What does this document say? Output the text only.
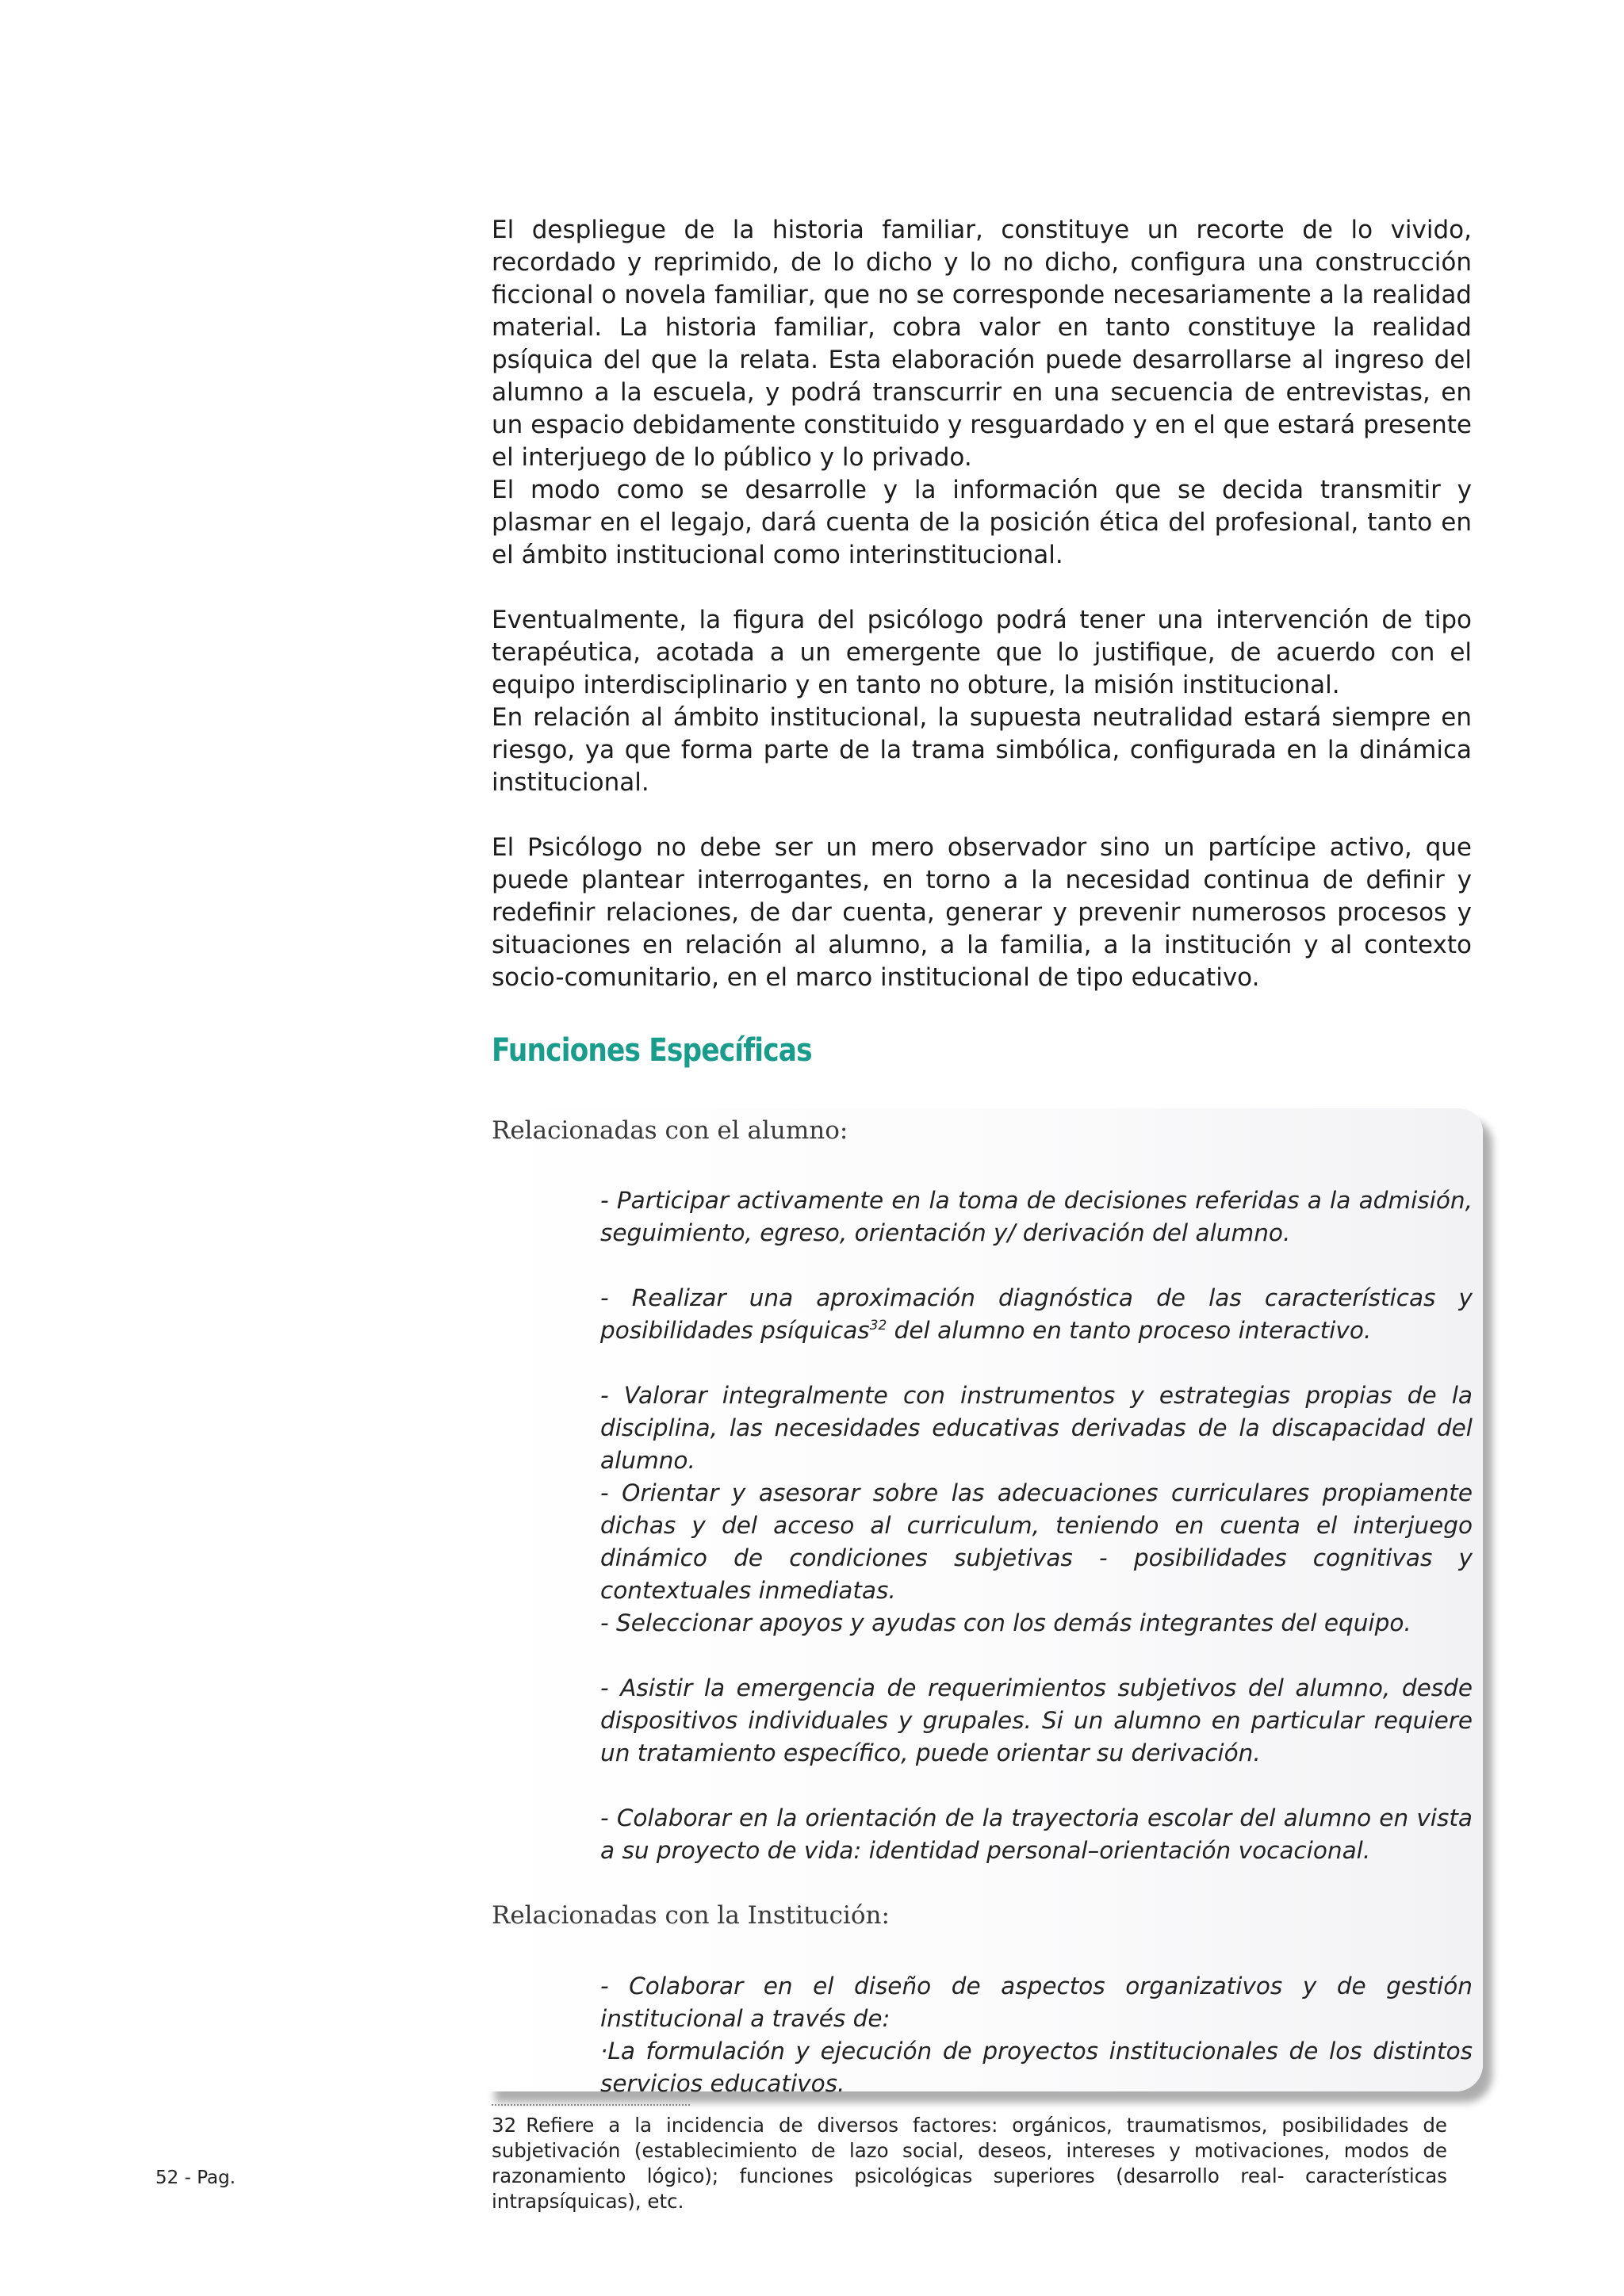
El despliegue de la historia familiar, constituye un recorte de lo vivido, recordado y reprimido, de lo dicho y lo no dicho, configura una construcción ficcional o novela familiar, que no se corresponde necesariamente a la realidad material. La historia familiar, cobra valor en tanto constituye la realidad psíquica del que la relata. Esta elaboración puede desarrollarse al ingreso del alumno a la escuela, y podrá transcurrir en una secuencia de entrevistas, en un espacio debidamente constituido y resguardado y en el que estará presente el interjuego de lo público y lo privado.

El modo como se desarrolle y la información que se decida transmitir y plasmar en el legajo, dará cuenta de la posición ética del profesional, tanto en el ámbito institucional como interinstitucional.

Eventualmente, la figura del psicólogo podrá tener una intervención de tipo terapéutica, acotada a un emergente que lo justifique, de acuerdo con el equipo interdisciplinario y en tanto no obture, la misión institucional.

En relación al ámbito institucional, la supuesta neutralidad estará siempre en riesgo, ya que forma parte de la trama simbólica, configurada en la dinámica institucional.

El Psicólogo no debe ser un mero observador sino un partícipe activo, que puede plantear interrogantes, en torno a la necesidad continua de definir y redefinir relaciones, de dar cuenta, generar y prevenir numerosos procesos y situaciones en relación al alumno, a la familia, a la institución y al contexto socio-comunitario, en el marco institucional de tipo educativo.

Funciones Específicas
Relacionadas con el alumno:

- Participar activamente en la toma de decisiones referidas a la admisión, seguimiento, egreso, orientación y/ derivación del alumno.

- Realizar una aproximación diagnóstica de las características y posibilidades psíquicas$^{32}$ del alumno en tanto proceso interactivo.

- Valorar integralmente con instrumentos y estrategias propias de la disciplina, las necesidades educativas derivadas de la discapacidad del alumno.

- Orientar y asesorar sobre las adecuaciones curriculares propiamente dichas y del acceso al curriculum, teniendo en cuenta el interjuego dinámico de condiciones subjetivas - posibilidades cognitivas y contextuales inmediatas.

- Seleccionar apoyos y ayudas con los demás integrantes del equipo.

- Asistir la emergencia de requerimientos subjetivos del alumno, desde dispositivos individuales y grupales. Si un alumno en particular requiere un tratamiento específico, puede orientar su derivación.

- Colaborar en la orientación de la trayectoria escolar del alumno en vista a su proyecto de vida: identidad personal–orientación vocacional.

Relacionadas con la Institución:

- Colaborar en el diseño de aspectos organizativos y de gestión institucional a través de:
·La formulación y ejecución de proyectos institucionales de los distintos servicios educativos.

32 Refiere a la incidencia de diversos factores: orgánicos, traumatismos, posibilidades de subjetivación (establecimiento de lazo social, deseos, intereses y motivaciones, modos de razonamiento lógico); funciones psicológicas superiores (desarrollo real- características intrapsíquicas), etc.

52 - Pag.
